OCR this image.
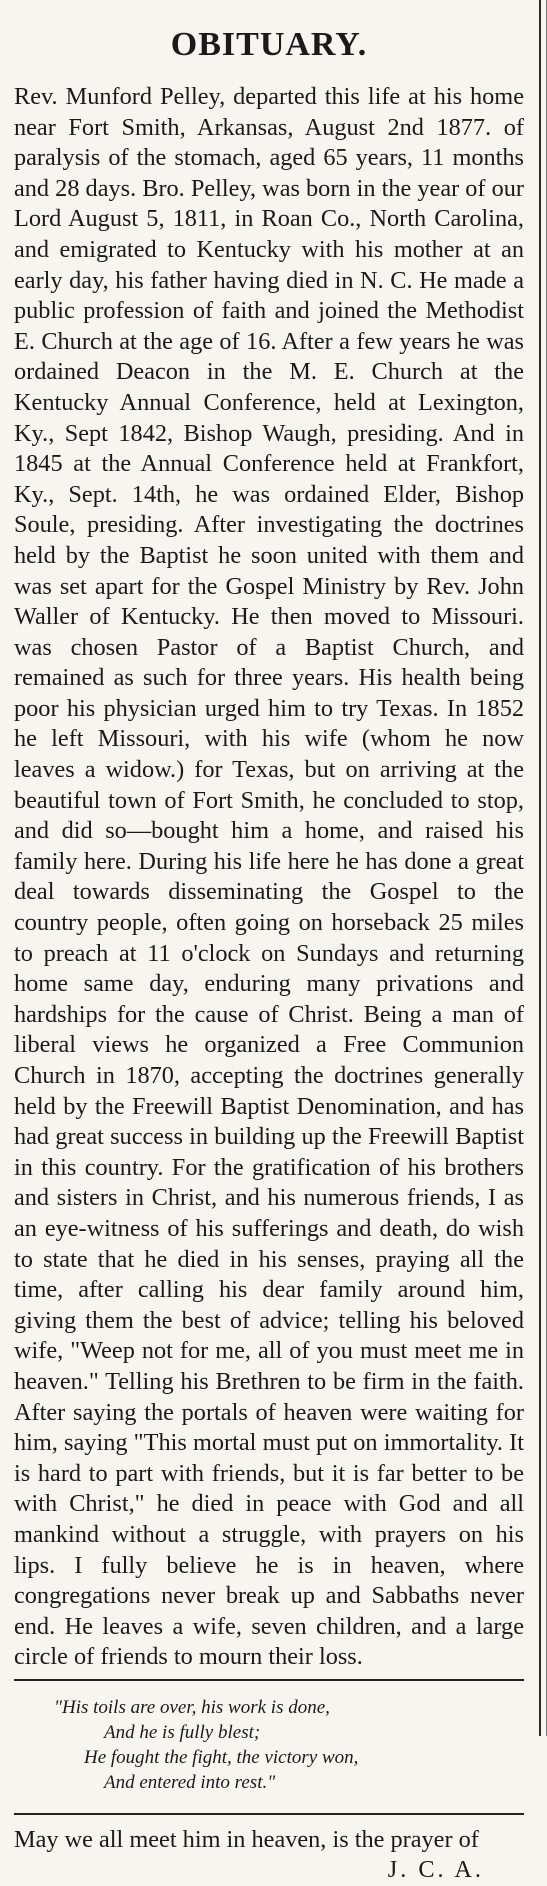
OBITUARY.

Rev. Munford Pelley, departed this life at his home near Fort Smith, Arkansas, August 2nd 1877. of paralysis of the stomach, aged 65 years, 11 months and 28 days. Bro. Pelley, was born in the year of our Lord August 5, 1811, in Roan Co., North Carolina, and emigrated to Kentucky with his mother at an early day, his father having died in N. C. He made a public profession of faith and joined the Methodist E. Church at the age of 16. After a few years he was ordained Deacon in the M. E. Church at the Kentucky Annual Conference, held at Lexington, Ky., Sept 1842, Bishop Waugh, presiding. And in 1845 at the Annual Conference held at Frankfort, Ky., Sept. 14th, he was ordained Elder, Bishop Soule, presiding. After investigating the doctrines held by the Baptist he soon united with them and was set apart for the Gospel Ministry by Rev. John Waller of Kentucky. He then moved to Missouri. was chosen Pastor of a Baptist Church, and remained as such for three years. His health being poor his physician urged him to try Texas. In 1852 he left Missouri, with his wife (whom he now leaves a widow.) for Texas, but on arriving at the beautiful town of Fort Smith, he concluded to stop, and did so—bought him a home, and raised his family here. During his life here he has done a great deal towards disseminating the Gospel to the country people, often going on horseback 25 miles to preach at 11 o'clock on Sundays and returning home same day, enduring many privations and hardships for the cause of Christ. Being a man of liberal views he organized a Free Communion Church in 1870, accepting the doctrines generally held by the Freewill Baptist Denomination, and has had great success in building up the Freewill Baptist in this country. For the gratification of his brothers and sisters in Christ, and his numerous friends, I as an eye-witness of his sufferings and death, do wish to state that he died in his senses, praying all the time, after calling his dear family around him, giving them the best of advice; telling his beloved wife, "Weep not for me, all of you must meet me in heaven." Telling his Brethren to be firm in the faith. After saying the portals of heaven were waiting for him, saying "This mortal must put on immortality. It is hard to part with friends, but it is far better to be with Christ," he died in peace with God and all mankind without a struggle, with prayers on his lips. I fully believe he is in heaven, where congregations never break up and Sabbaths never end. He leaves a wife, seven children, and a large circle of friends to mourn their loss.

"His toils are over, his work is done,
And he is fully blest;
He fought the fight, the victory won,
And entered into rest."

May we all meet him in heaven, is the prayer of
J. C. A.
